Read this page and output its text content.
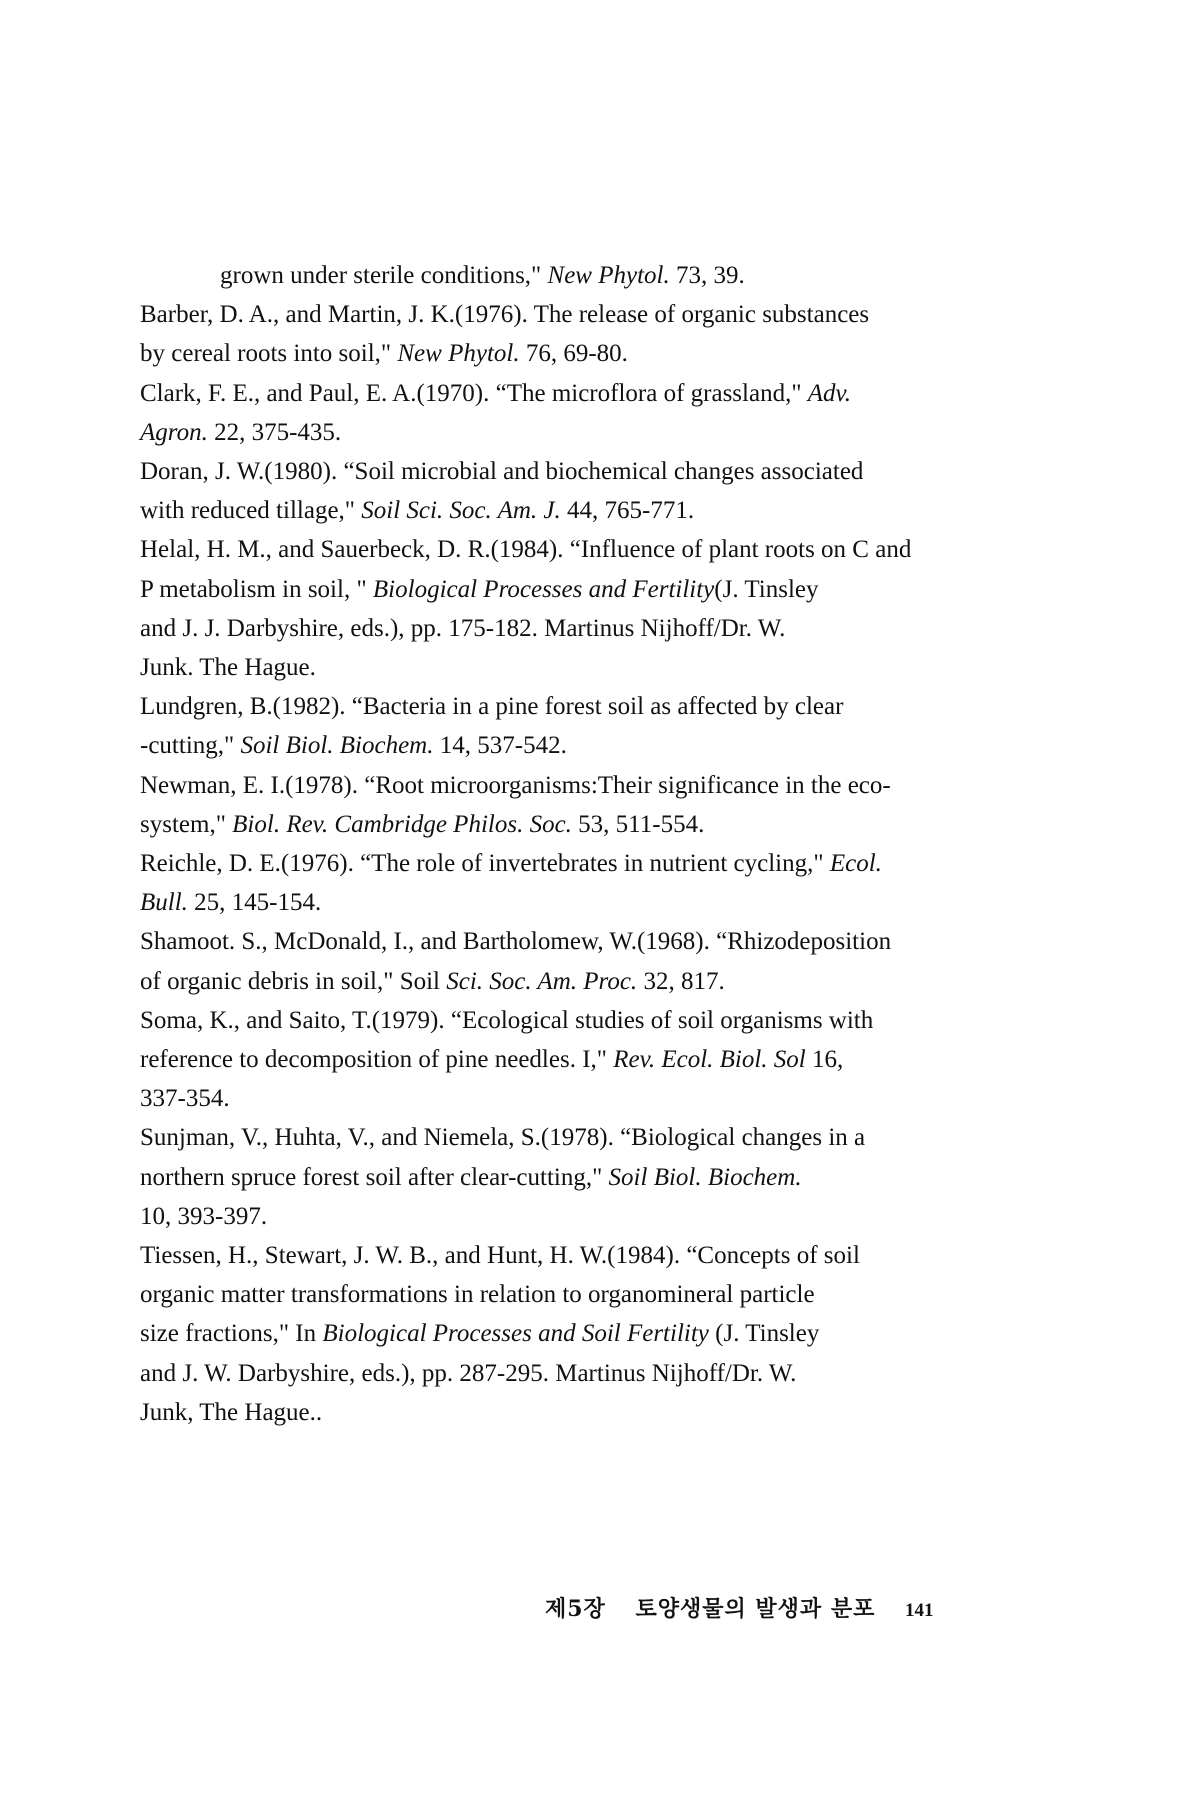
grown under sterile conditions," New Phytol. 73, 39.

Barber, D. A., and Martin, J. K.(1976). The release of organic substances
by cereal roots into soil," New Phytol. 76, 69-80.

Clark, F. E., and Paul, E. A.(1970). “The microflora of grassland," Adv.
Agron. 22, 375-435.

Doran, J. W.(1980). “Soil microbial and biochemical changes associated
with reduced tillage," Soil Sci. Soc. Am. J. 44, 765-771.

Helal, H. M., and Sauerbeck, D. R.(1984). “Influence of plant roots on C and
P metabolism in soil, " Biological Processes and Fertility(J. Tinsley
and J. J. Darbyshire, eds.), pp. 175-182. Martinus Nijhoff/Dr. W.
Junk. The Hague.

Lundgren, B.(1982). “Bacteria in a pine forest soil as affected by clear
-cutting," Soil Biol. Biochem. 14, 537-542.

Newman, E. I.(1978). “Root microorganisms:Their significance in the eco-
system," Biol. Rev. Cambridge Philos. Soc. 53, 511-554.

Reichle, D. E.(1976). “The role of invertebrates in nutrient cycling," Ecol.
Bull. 25, 145-154.

Shamoot. S., McDonald, I., and Bartholomew, W.(1968). “Rhizodeposition
of organic debris in soil," Soil Sci. Soc. Am. Proc. 32, 817.

Soma, K., and Saito, T.(1979). “Ecological studies of soil organisms with
reference to decomposition of pine needles. I," Rev. Ecol. Biol. Sol 16,
337-354.

Sunjman, V., Huhta, V., and Niemela, S.(1978). “Biological changes in a
northern spruce forest soil after clear-cutting," Soil Biol. Biochem.
10, 393-397.

Tiessen, H., Stewart, J. W. B., and Hunt, H. W.(1984). “Concepts of soil
organic matter transformations in relation to organomineral particle
size fractions," In Biological Processes and Soil Fertility (J. Tinsley
and J. W. Darbyshire, eds.), pp. 287-295. Martinus Nijhoff/Dr. W.
Junk, The Hague..

제5장 토양생물의 발생과 분포 141
